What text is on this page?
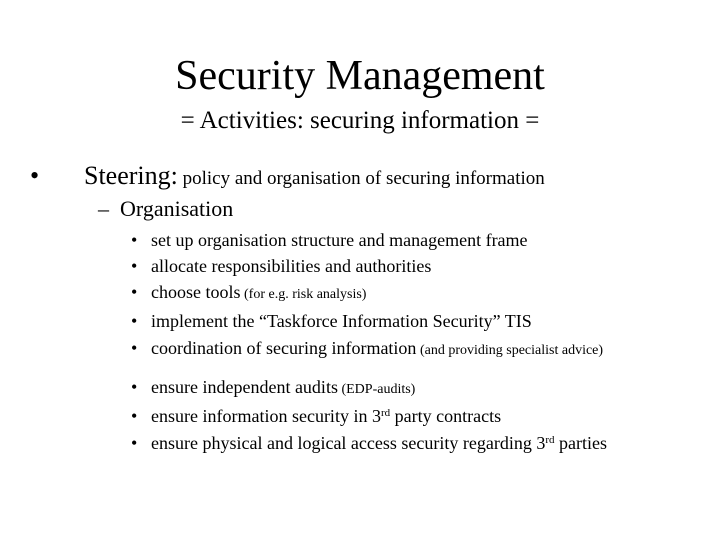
Security Management
= Activities: securing information =
• Steering: policy and organisation of securing information
– Organisation
• set up organisation structure and management frame
• allocate responsibilities and authorities
• choose tools (for e.g. risk analysis)
• implement the “Taskforce Information Security” TIS
• coordination of securing information (and providing specialist advice)
• ensure independent audits (EDP-audits)
• ensure information security in 3rd party contracts
• ensure physical and logical access security regarding 3rd parties
